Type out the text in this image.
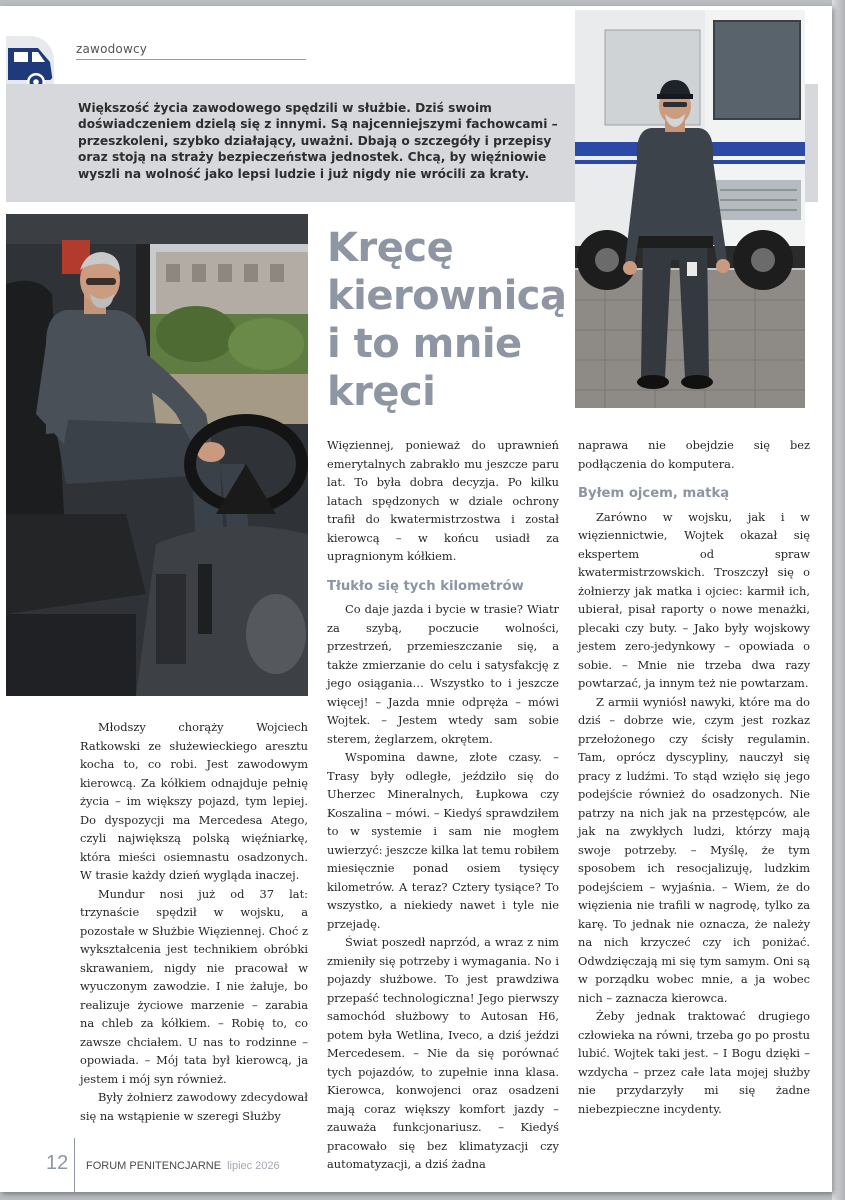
zawodowcy

Większość życia zawodowego spędzili w służbie. Dziś swoim doświadczeniem dzielą się z innymi. Są najcenniejszymi fachowcami – przeszkoleni, szybko działający, uważni. Dbają o szczegóły i przepisy oraz stoją na straży bezpieczeństwa jednostek. Chcą, by więźniowie wyszli na wolność jako lepsi ludzie i już nigdy nie wrócili za kraty.

Kręcę
kierownicą
i to mnie
kręci

Młodszy chorąży Wojciech Ratkowski ze służewieckiego aresztu kocha to, co robi. Jest zawodowym kierowcą. Za kółkiem odnajduje pełnię życia – im większy pojazd, tym lepiej. Do dyspozycji ma Mercedesa Atego, czyli największą polską więźniarkę, która mieści osiemnastu osadzonych. W trasie każdy dzień wygląda inaczej.

Mundur nosi już od 37 lat: trzynaście spędził w wojsku, a pozostałe w Służbie Więziennej. Choć z wykształcenia jest technikiem obróbki skrawaniem, nigdy nie pracował w wyuczonym zawodzie. I nie żałuje, bo realizuje życiowe marzenie – zarabia na chleb za kółkiem. – Robię to, co zawsze chciałem. U nas to rodzinne – opowiada. – Mój tata był kierowcą, ja jestem i mój syn również.

Były żołnierz zawodowy zdecydował się na wstąpienie w szeregi Służby

Więziennej, ponieważ do uprawnień emerytalnych zabrakło mu jeszcze paru lat. To była dobra decyzja. Po kilku latach spędzonych w dziale ochrony trafił do kwatermistrzostwa i został kierowcą – w końcu usiadł za upragnionym kółkiem.

Tłukło się tych kilometrów

Co daje jazda i bycie w trasie? Wiatr za szybą, poczucie wolności, przestrzeń, przemieszczanie się, a także zmierzanie do celu i satysfakcję z jego osiągania… Wszystko to i jeszcze więcej! – Jazda mnie odpręża – mówi Wojtek. – Jestem wtedy sam sobie sterem, żeglarzem, okrętem.

Wspomina dawne, złote czasy. – Trasy były odległe, jeździło się do Uherzec Mineralnych, Łupkowa czy Koszalina – mówi. – Kiedyś sprawdziłem to w systemie i sam nie mogłem uwierzyć: jeszcze kilka lat temu robiłem miesięcznie ponad osiem tysięcy kilometrów. A teraz? Cztery tysiące? To wszystko, a niekiedy nawet i tyle nie przejadę.

Świat poszedł naprzód, a wraz z nim zmieniły się potrzeby i wymagania. No i pojazdy służbowe. To jest prawdziwa przepaść technologiczna! Jego pierwszy samochód służbowy to Autosan H6, potem była Wetlina, Iveco, a dziś jeździ Mercedesem. – Nie da się porównać tych pojazdów, to zupełnie inna klasa. Kierowca, konwojenci oraz osadzeni mają coraz większy komfort jazdy – zauważa funkcjonariusz. – Kiedyś pracowało się bez klimatyzacji czy automatyzacji, a dziś żadna

naprawa nie obejdzie się bez podłączenia do komputera.

Byłem ojcem, matką

Zarówno w wojsku, jak i w więziennictwie, Wojtek okazał się ekspertem od spraw kwatermistrzowskich. Troszczył się o żołnierzy jak matka i ojciec: karmił ich, ubierał, pisał raporty o nowe menażki, plecaki czy buty. – Jako były wojskowy jestem zero-jedynkowy – opowiada o sobie. – Mnie nie trzeba dwa razy powtarzać, ja innym też nie powtarzam.

Z armii wyniósł nawyki, które ma do dziś – dobrze wie, czym jest rozkaz przełożonego czy ścisły regulamin. Tam, oprócz dyscypliny, nauczył się pracy z ludźmi. To stąd wzięło się jego podejście również do osadzonych. Nie patrzy na nich jak na przestępców, ale jak na zwykłych ludzi, którzy mają swoje potrzeby. – Myślę, że tym sposobem ich resocjalizuję, ludzkim podejściem – wyjaśnia. – Wiem, że do więzienia nie trafili w nagrodę, tylko za karę. To jednak nie oznacza, że należy na nich krzyczeć czy ich poniżać. Odwdzięczają mi się tym samym. Oni są w porządku wobec mnie, a ja wobec nich – zaznacza kierowca.

Żeby jednak traktować drugiego człowieka na równi, trzeba go po prostu lubić. Wojtek taki jest. – I Bogu dzięki – wzdycha – przez całe lata mojej służby nie przydarzyły mi się żadne niebezpieczne incydenty.

12 FORUM PENITENCJARNE lipiec 2026
